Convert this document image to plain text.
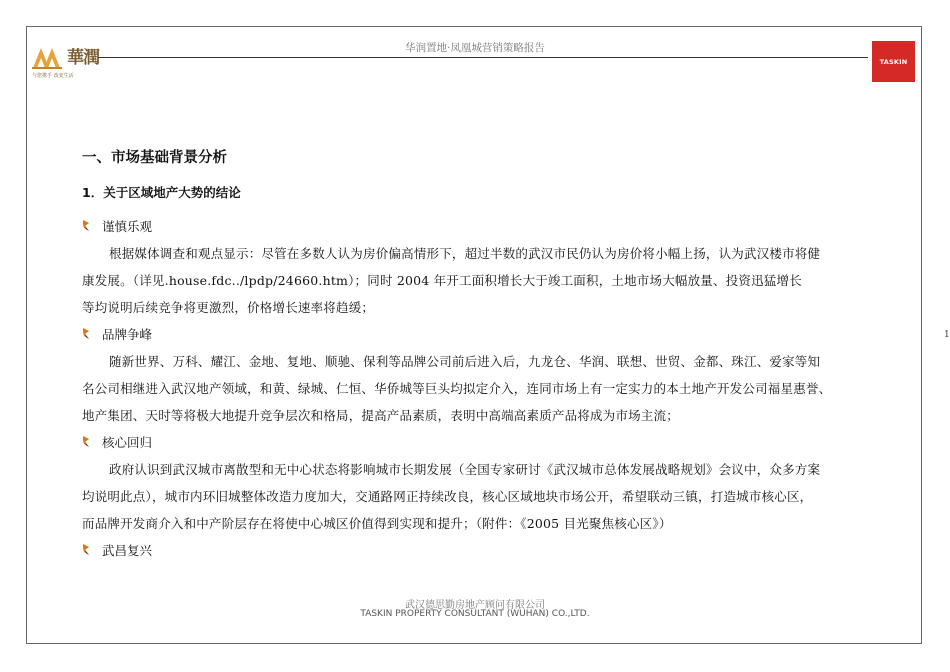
華潤
与您携手 改变生活
华润置地·凤凰城营销策略报告
TASKIN
1
一、市场基础背景分析
1．关于区域地产大势的结论
谨慎乐观
根据媒体调查和观点显示：尽管在多数人认为房价偏高情形下，超过半数的武汉市民仍认为房价将小幅上扬，认为武汉楼市将健
康发展。（详见.house.fdc../lpdp/24660.htm）；同时 2004 年开工面积增长大于竣工面积，土地市场大幅放量、投资迅猛增长
等均说明后续竞争将更激烈，价格增长速率将趋缓；
品牌争峰
随新世界、万科、耀江、金地、复地、顺驰、保利等品牌公司前后进入后，九龙仓、华润、联想、世贸、金都、珠江、爱家等知
名公司相继进入武汉地产领域，和黄、绿城、仁恒、华侨城等巨头均拟定介入，连同市场上有一定实力的本土地产开发公司福星惠誉、
地产集团、天时等将极大地提升竞争层次和格局，提高产品素质，表明中高端高素质产品将成为市场主流；
核心回归
政府认识到武汉城市离散型和无中心状态将影响城市长期发展（全国专家研讨《武汉城市总体发展战略规划》会议中，众多方案
均说明此点），城市内环旧城整体改造力度加大，交通路网正持续改良，核心区域地块市场公开，希望联动三镇，打造城市核心区，
而品牌开发商介入和中产阶层存在将使中心城区价值得到实现和提升；（附件：《2005 目光聚焦核心区》）
武昌复兴
武汉德思勤房地产顾问有限公司
TASKIN PROPERTY CONSULTANT (WUHAN) CO.,LTD.
